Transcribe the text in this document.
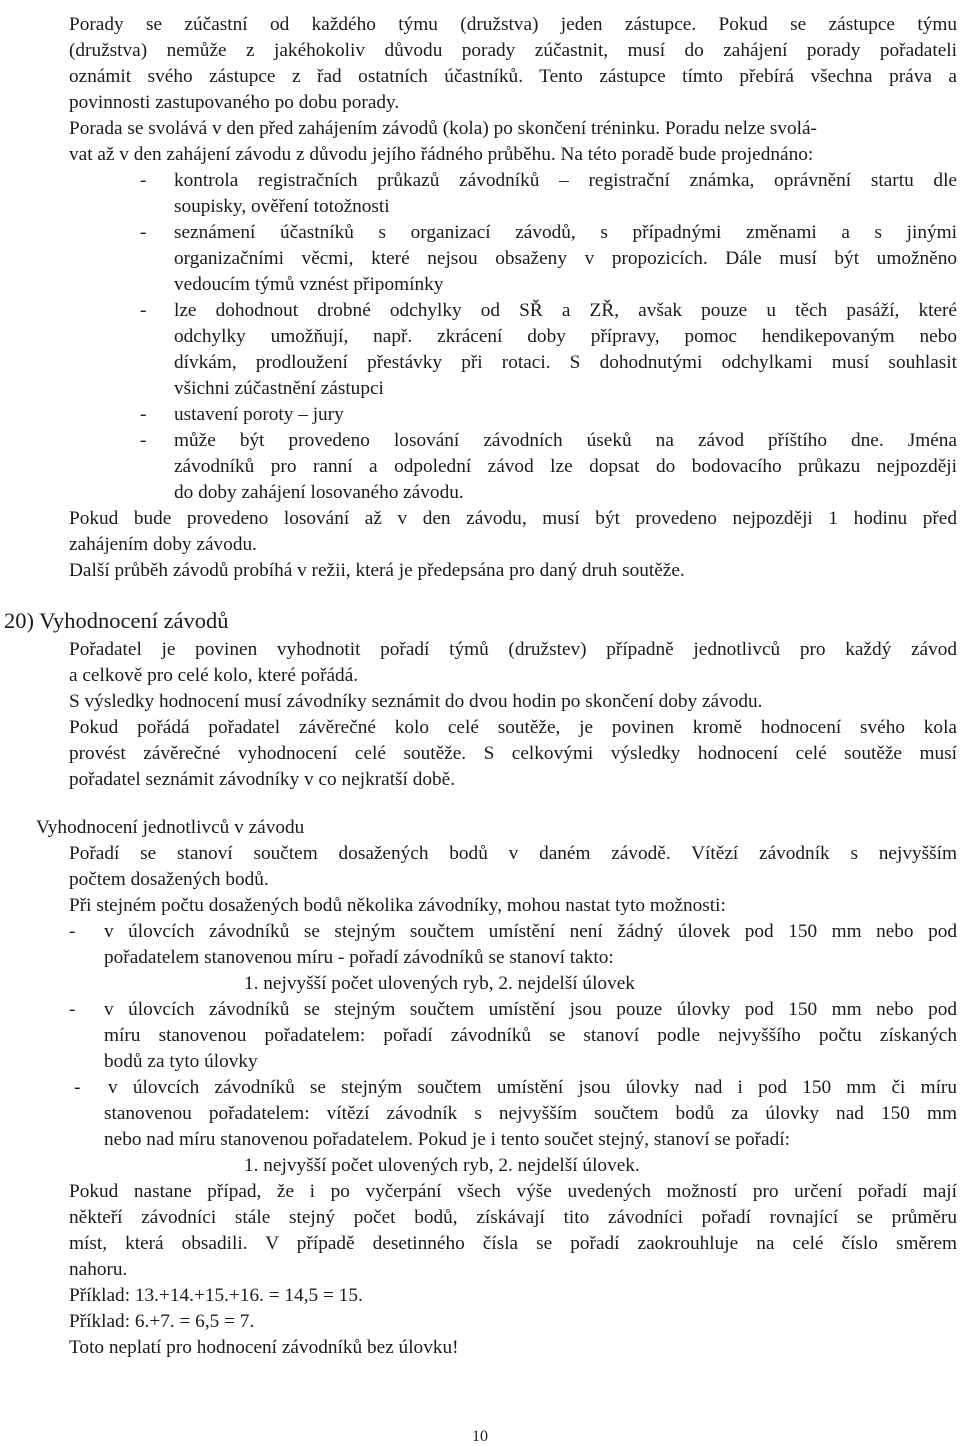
Porady se zúčastní od každého týmu (družstva) jeden zástupce. Pokud se zástupce týmu
(družstva) nemůže z jakéhokoliv důvodu porady zúčastnit, musí do zahájení porady pořadateli
oznámit svého zástupce z řad ostatních účastníků. Tento zástupce tímto přebírá všechna práva a
povinnosti zastupovaného po dobu porady.
Porada se svolává v den před zahájením závodů (kola) po skončení tréninku. Poradu nelze svolá-
vat až v den zahájení závodu z důvodu jejího řádného průběhu. Na této poradě bude projednáno:
- kontrola registračních průkazů závodníků – registrační známka, oprávnění startu dle
soupisky, ověření totožnosti
- seznámení účastníků s organizací závodů, s případnými změnami a s jinými
organizačními věcmi, které nejsou obsaženy v propozicích. Dále musí být umožněno
vedoucím týmů vznést připomínky
- lze dohodnout drobné odchylky od SŘ a ZŘ, avšak pouze u těch pasáží, které
odchylky umožňují, např. zkrácení doby přípravy, pomoc hendikepovaným nebo
dívkám, prodloužení přestávky při rotaci. S dohodnutými odchylkami musí souhlasit
všichni zúčastnění zástupci
- ustavení poroty – jury
- může být provedeno losování závodních úseků na závod příštího dne. Jména
závodníků pro ranní a odpolední závod lze dopsat do bodovacího průkazu nejpozději
do doby zahájení losovaného závodu.
Pokud bude provedeno losování až v den závodu, musí být provedeno nejpozději 1 hodinu před
zahájením doby závodu.
Další průběh závodů probíhá v režii, která je předepsána pro daný druh soutěže.
20) Vyhodnocení závodů
Pořadatel je povinen vyhodnotit pořadí týmů (družstev) případně jednotlivců pro každý závod
a celkově pro celé kolo, které pořádá.
S výsledky hodnocení musí závodníky seznámit do dvou hodin po skončení doby závodu.
Pokud pořádá pořadatel závěrečné kolo celé soutěže, je povinen kromě hodnocení svého kola
provést závěrečné vyhodnocení celé soutěže. S celkovými výsledky hodnocení celé soutěže musí
pořadatel seznámit závodníky v co nejkratší době.
Vyhodnocení jednotlivců v závodu
Pořadí se stanoví součtem dosažených bodů v daném závodě. Vítězí závodník s nejvyšším
počtem dosažených bodů.
Při stejném počtu dosažených bodů několika závodníky, mohou nastat tyto možnosti:
- v úlovcích závodníků se stejným součtem umístění není žádný úlovek pod 150 mm nebo pod
pořadatelem stanovenou míru - pořadí závodníků se stanoví takto:
1. nejvyšší počet ulovených ryb, 2. nejdelší úlovek
- v úlovcích závodníků se stejným součtem umístění jsou pouze úlovky pod 150 mm nebo pod
míru stanovenou pořadatelem: pořadí závodníků se stanoví podle nejvyššího počtu získaných
bodů za tyto úlovky
- v úlovcích závodníků se stejným součtem umístění jsou úlovky nad i pod 150 mm či míru
stanovenou pořadatelem: vítězí závodník s nejvyšším součtem bodů za úlovky nad 150 mm
nebo nad míru stanovenou pořadatelem. Pokud je i tento součet stejný, stanoví se pořadí:
1. nejvyšší počet ulovených ryb, 2. nejdelší úlovek.
Pokud nastane případ, že i po vyčerpání všech výše uvedených možností pro určení pořadí mají
někteří závodníci stále stejný počet bodů, získávají tito závodníci pořadí rovnající se průměru
míst, která obsadili. V případě desetinného čísla se pořadí zaokrouhluje na celé číslo směrem
nahoru.
Příklad: 13.+14.+15.+16. = 14,5 = 15.
Příklad: 6.+7. = 6,5 = 7.
Toto neplatí pro hodnocení závodníků bez úlovku!
10
